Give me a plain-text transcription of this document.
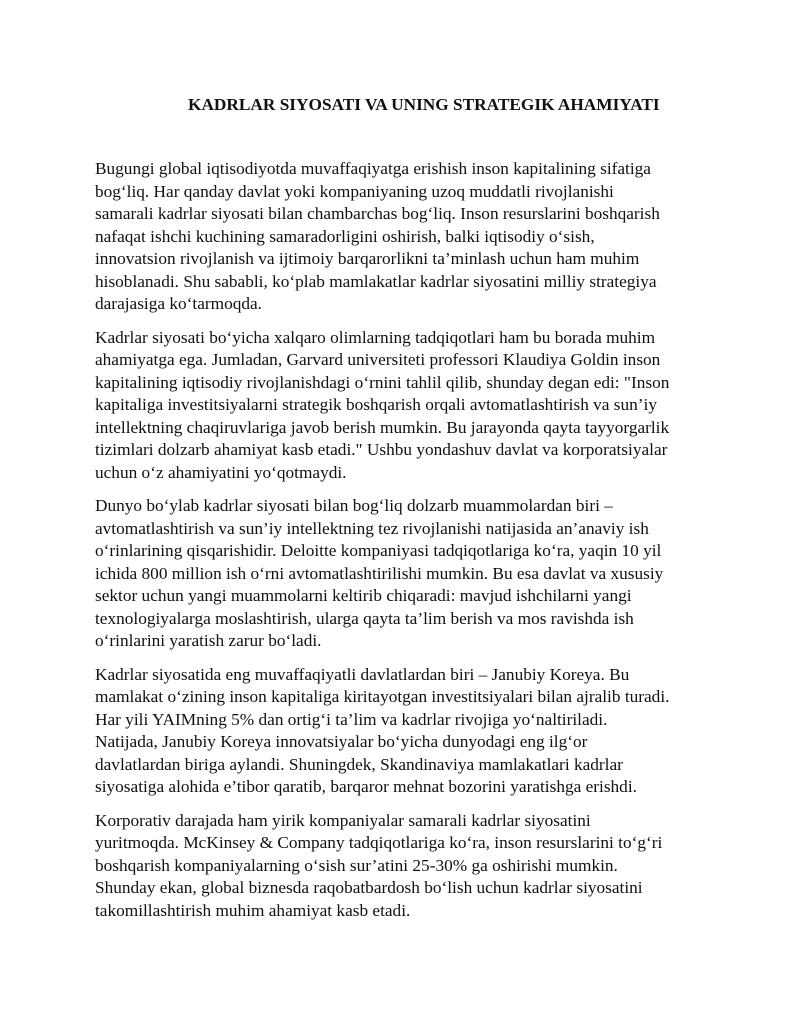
KADRLAR SIYOSATI VA UNING STRATEGIK AHAMIYATI

Bugungi global iqtisodiyotda muvaffaqiyatga erishish inson kapitalining sifatiga
bog‘liq. Har qanday davlat yoki kompaniyaning uzoq muddatli rivojlanishi
samarali kadrlar siyosati bilan chambarchas bog‘liq. Inson resurslarini boshqarish
nafaqat ishchi kuchining samaradorligini oshirish, balki iqtisodiy o‘sish,
innovatsion rivojlanish va ijtimoiy barqarorlikni ta’minlash uchun ham muhim
hisoblanadi. Shu sababli, ko‘plab mamlakatlar kadrlar siyosatini milliy strategiya
darajasiga ko‘tarmoqda.

Kadrlar siyosati bo‘yicha xalqaro olimlarning tadqiqotlari ham bu borada muhim
ahamiyatga ega. Jumladan, Garvard universiteti professori Klaudiya Goldin inson
kapitalining iqtisodiy rivojlanishdagi o‘rnini tahlil qilib, shunday degan edi: "Inson
kapitaliga investitsiyalarni strategik boshqarish orqali avtomatlashtirish va sun’iy
intellektning chaqiruvlariga javob berish mumkin. Bu jarayonda qayta tayyorgarlik
tizimlari dolzarb ahamiyat kasb etadi." Ushbu yondashuv davlat va korporatsiyalar
uchun o‘z ahamiyatini yo‘qotmaydi.

Dunyo bo‘ylab kadrlar siyosati bilan bog‘liq dolzarb muammolardan biri –
avtomatlashtirish va sun’iy intellektning tez rivojlanishi natijasida an’anaviy ish
o‘rinlarining qisqarishidir. Deloitte kompaniyasi tadqiqotlariga ko‘ra, yaqin 10 yil
ichida 800 million ish o‘rni avtomatlashtirilishi mumkin. Bu esa davlat va xususiy
sektor uchun yangi muammolarni keltirib chiqaradi: mavjud ishchilarni yangi
texnologiyalarga moslashtirish, ularga qayta ta’lim berish va mos ravishda ish
o‘rinlarini yaratish zarur bo‘ladi.

Kadrlar siyosatida eng muvaffaqiyatli davlatlardan biri – Janubiy Koreya. Bu
mamlakat o‘zining inson kapitaliga kiritayotgan investitsiyalari bilan ajralib turadi.
Har yili YAIMning 5% dan ortig‘i ta’lim va kadrlar rivojiga yo‘naltiriladi.
Natijada, Janubiy Koreya innovatsiyalar bo‘yicha dunyodagi eng ilg‘or
davlatlardan biriga aylandi. Shuningdek, Skandinaviya mamlakatlari kadrlar
siyosatiga alohida e’tibor qaratib, barqaror mehnat bozorini yaratishga erishdi.

Korporativ darajada ham yirik kompaniyalar samarali kadrlar siyosatini
yuritmoqda. McKinsey & Company tadqiqotlariga ko‘ra, inson resurslarini to‘g‘ri
boshqarish kompaniyalarning o‘sish sur’atini 25-30% ga oshirishi mumkin.
Shunday ekan, global biznesda raqobatbardosh bo‘lish uchun kadrlar siyosatini
takomillashtirish muhim ahamiyat kasb etadi.
